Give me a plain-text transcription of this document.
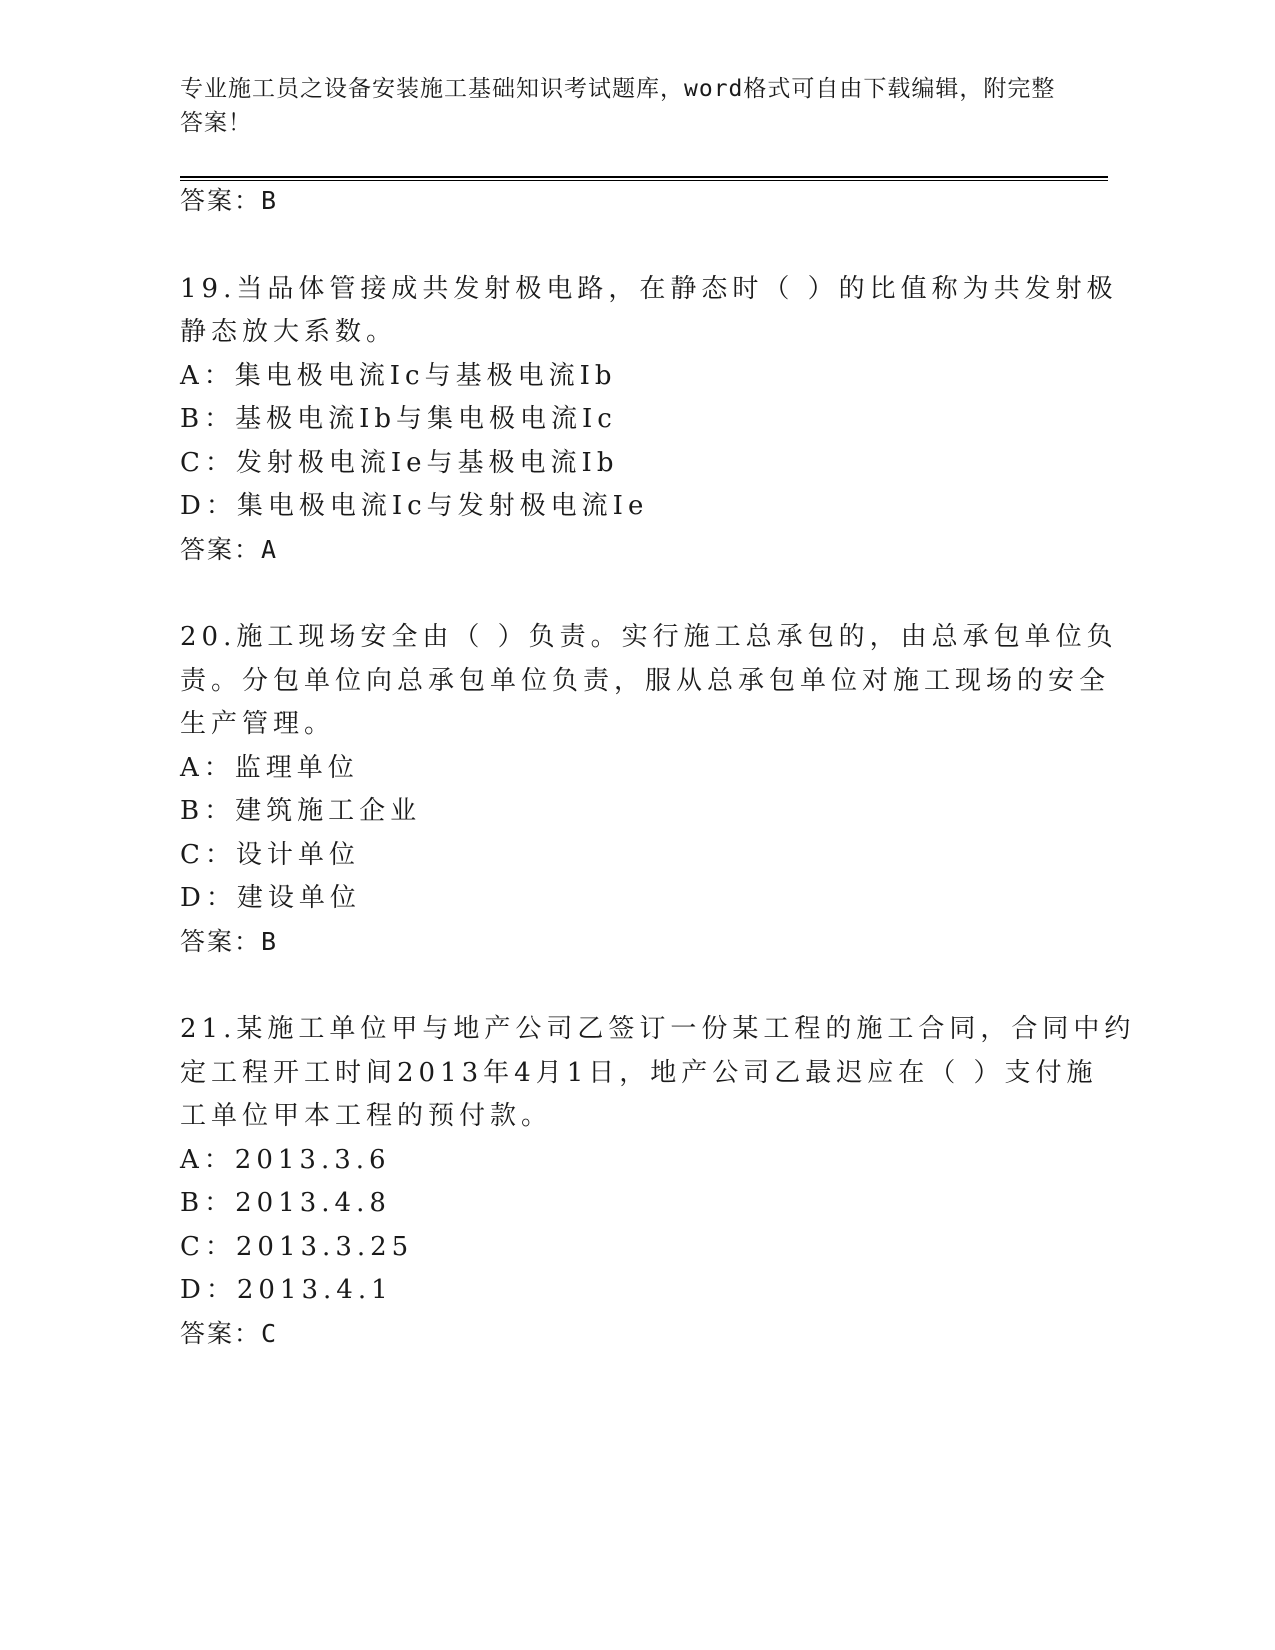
专业施工员之设备安装施工基础知识考试题库，word格式可自由下载编辑，附完整答案！
答案：B
19.当品体管接成共发射极电路，在静态时（ ）的比值称为共发射极
静态放大系数。
A：集电极电流Ic与基极电流Ib
B：基极电流Ib与集电极电流Ic
C：发射极电流Ie与基极电流Ib
D：集电极电流Ic与发射极电流Ie
答案：A
20.施工现场安全由（ ）负责。实行施工总承包的，由总承包单位负
责。分包单位向总承包单位负责，服从总承包单位对施工现场的安全
生产管理。
A：监理单位
B：建筑施工企业
C：设计单位
D：建设单位
答案：B
21.某施工单位甲与地产公司乙签订一份某工程的施工合同，合同中约
定工程开工时间2013年4月1日，地产公司乙最迟应在（ ）支付施
工单位甲本工程的预付款。
A：2013.3.6
B：2013.4.8
C：2013.3.25
D：2013.4.1
答案：C
